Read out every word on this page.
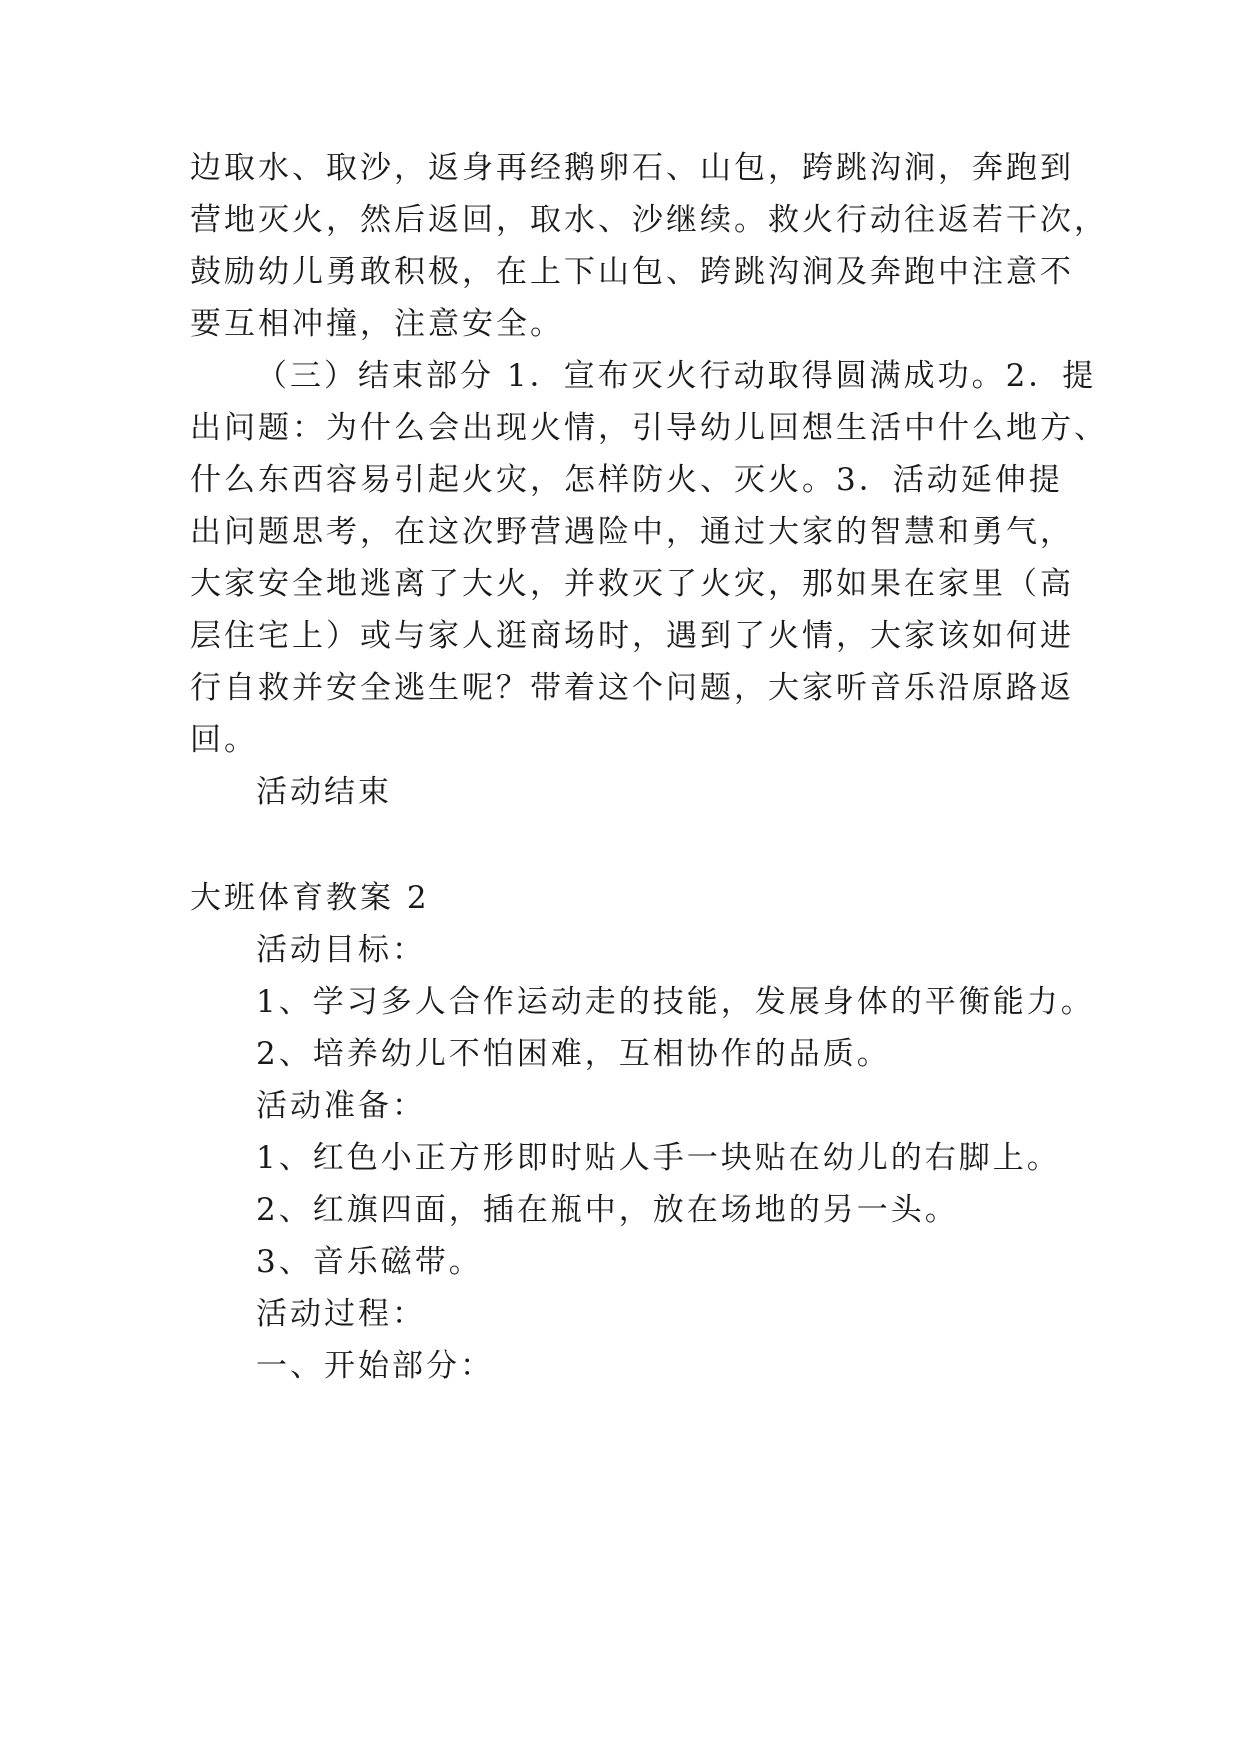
边取水、取沙，返身再经鹅卵石、山包，跨跳沟涧，奔跑到
营地灭火，然后返回，取水、沙继续。救火行动往返若干次，
鼓励幼儿勇敢积极，在上下山包、跨跳沟涧及奔跑中注意不
要互相冲撞，注意安全。
（三）结束部分 1．宣布灭火行动取得圆满成功。2．提
出问题：为什么会出现火情，引导幼儿回想生活中什么地方、
什么东西容易引起火灾，怎样防火、灭火。3．活动延伸提
出问题思考，在这次野营遇险中，通过大家的智慧和勇气，
大家安全地逃离了大火，并救灭了火灾，那如果在家里（高
层住宅上）或与家人逛商场时，遇到了火情，大家该如何进
行自救并安全逃生呢？带着这个问题，大家听音乐沿原路返
回。
活动结束
大班体育教案 2
活动目标：
1、学习多人合作运动走的技能，发展身体的平衡能力。
2、培养幼儿不怕困难，互相协作的品质。
活动准备：
1、红色小正方形即时贴人手一块贴在幼儿的右脚上。
2、红旗四面，插在瓶中，放在场地的另一头。
3、音乐磁带。
活动过程：
一、开始部分：
